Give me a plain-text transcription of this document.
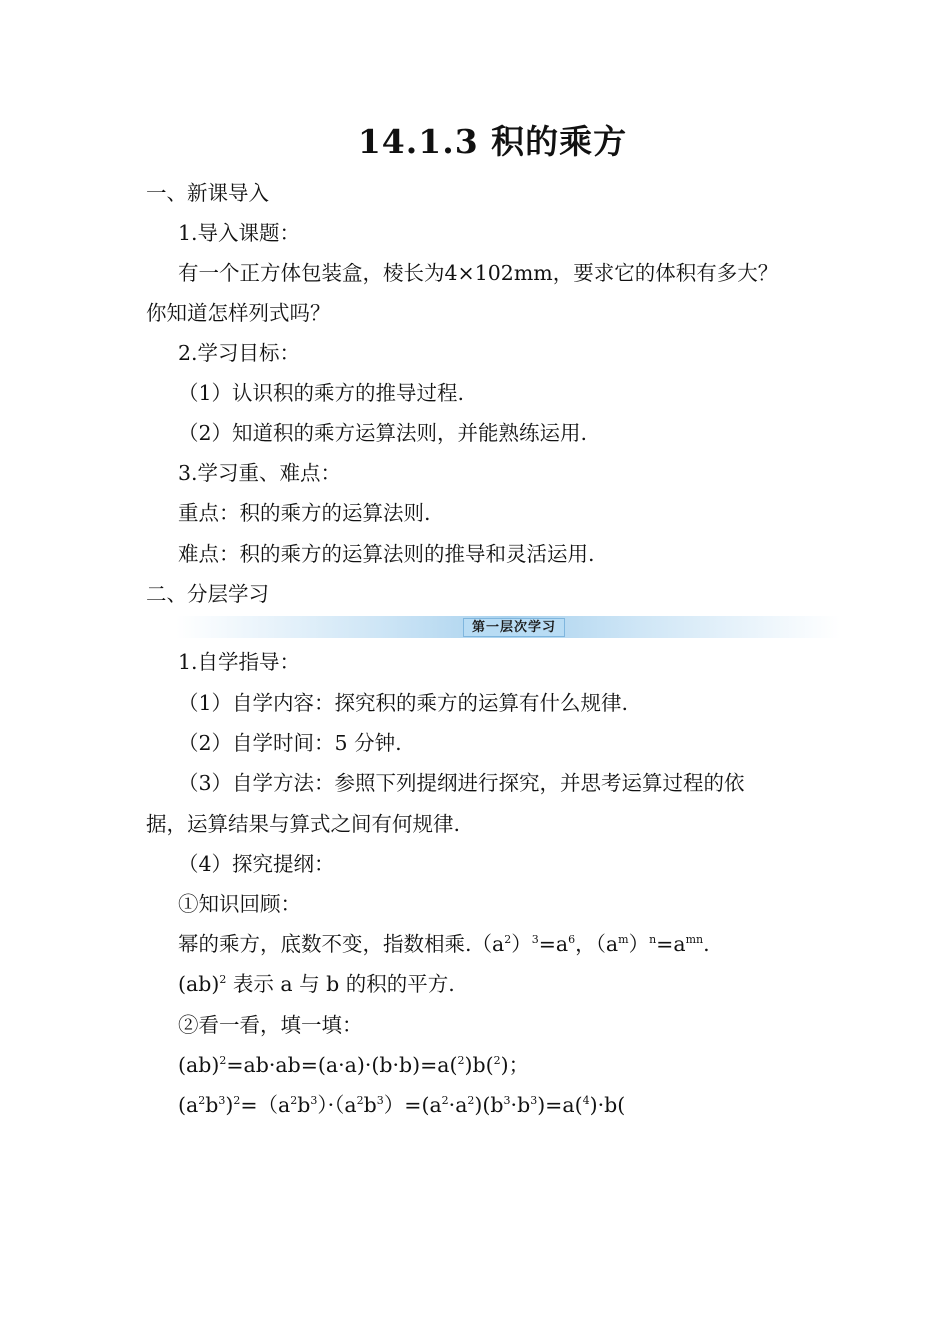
14.1.3 积的乘方
一、新课导入
1.导入课题：
有一个正方体包装盒，棱长为4×102mm，要求它的体积有多大？
你知道怎样列式吗？
2.学习目标：
（1）认识积的乘方的推导过程.
（2）知道积的乘方运算法则，并能熟练运用.
3.学习重、难点：
重点：积的乘方的运算法则.
难点：积的乘方的运算法则的推导和灵活运用.
二、分层学习
第一层次学习
1.自学指导：
（1）自学内容：探究积的乘方的运算有什么规律.
（2）自学时间：5 分钟.
（3）自学方法：参照下列提纲进行探究，并思考运算过程的依
据，运算结果与算式之间有何规律.
（4）探究提纲：
①知识回顾：
幂的乘方，底数不变，指数相乘$.(a^2)^3=a^6$，$(a^m)^n=a^{mn}$.
(ab)$^2$ 表示 a 与 b 的积的平方.
②看一看，填一填：
(ab)$^2$=ab·ab=(a·a)·(b·b)=a($^2$)b($^2$)；
$(a^2b^3)^2=(a^2b^3)\cdot(a^2b^3)=(a^2\cdot a^2)(b^3\cdot b^3)=a(^4)\cdot b$(
